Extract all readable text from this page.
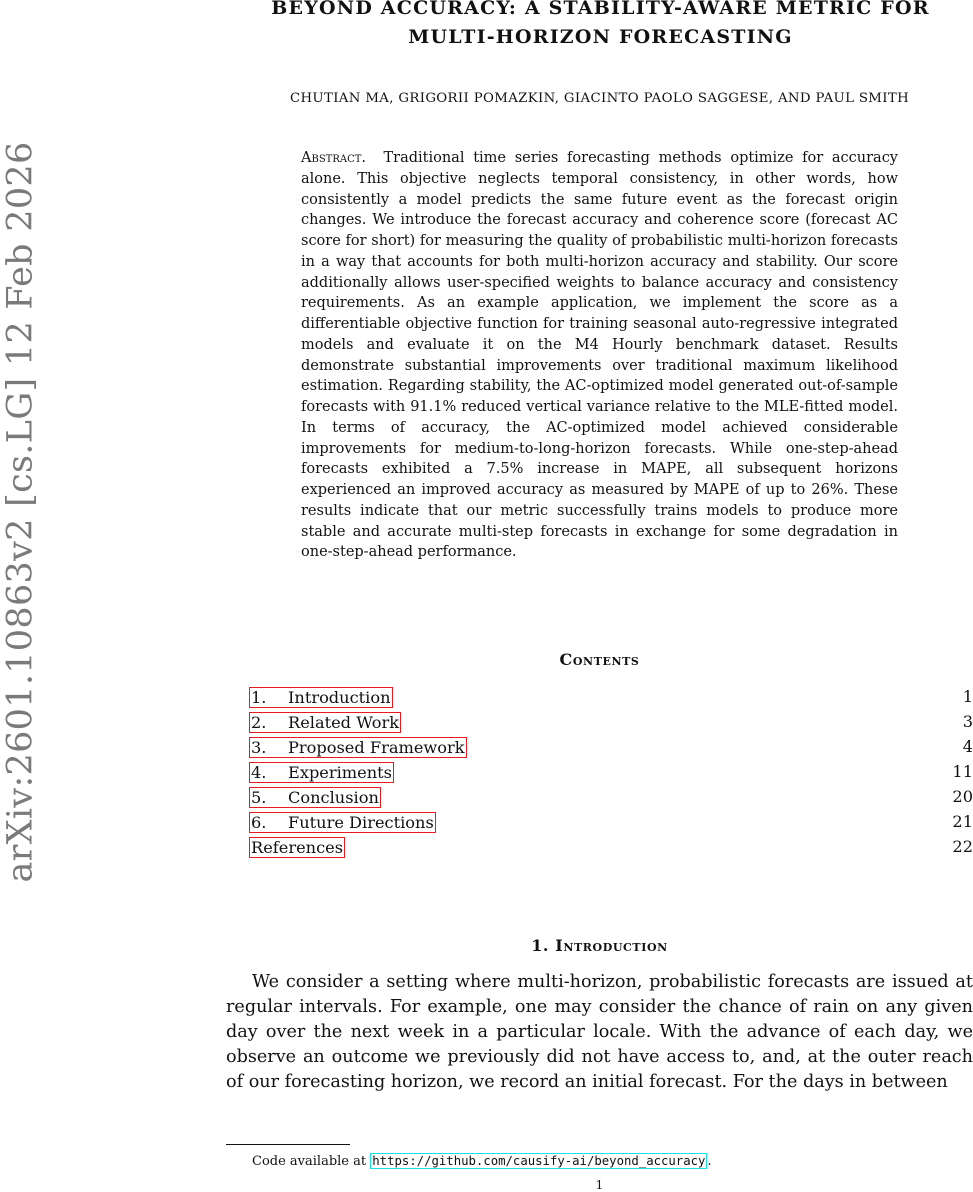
arXiv:2601.10863v2 [cs.LG] 12 Feb 2026
BEYOND ACCURACY: A STABILITY-AWARE METRIC FOR MULTI-HORIZON FORECASTING

CHUTIAN MA, GRIGORII POMAZKIN, GIACINTO PAOLO SAGGESE, AND PAUL SMITH

Abstract. Traditional time series forecasting methods optimize for accuracy alone. This objective neglects temporal consistency, in other words, how consistently a model predicts the same future event as the forecast origin changes. We introduce the forecast accuracy and coherence score (forecast AC score for short) for measuring the quality of probabilistic multi-horizon forecasts in a way that accounts for both multi-horizon accuracy and stability. Our score additionally allows user-specified weights to balance accuracy and consistency requirements. As an example application, we implement the score as a differentiable objective function for training seasonal auto-regressive integrated models and evaluate it on the M4 Hourly benchmark dataset. Results demonstrate substantial improvements over traditional maximum likelihood estimation. Regarding stability, the AC-optimized model generated out-of-sample forecasts with 91.1% reduced vertical variance relative to the MLE-fitted model. In terms of accuracy, the AC-optimized model achieved considerable improvements for medium-to-long-horizon forecasts. While one-step-ahead forecasts exhibited a 7.5% increase in MAPE, all subsequent horizons experienced an improved accuracy as measured by MAPE of up to 26%. These results indicate that our metric successfully trains models to produce more stable and accurate multi-step forecasts in exchange for some degradation in one-step-ahead performance.

Contents
1. Introduction	1
2. Related Work	3
3. Proposed Framework	4
4. Experiments	11
5. Conclusion	20
6. Future Directions	21
References	22
1. Introduction

We consider a setting where multi-horizon, probabilistic forecasts are issued at regular intervals. For example, one may consider the chance of rain on any given day over the next week in a particular locale. With the advance of each day, we observe an outcome we previously did not have access to, and, at the outer reach of our forecasting horizon, we record an initial forecast. For the days in between

Code available at https://github.com/causify-ai/beyond_accuracy .

1
